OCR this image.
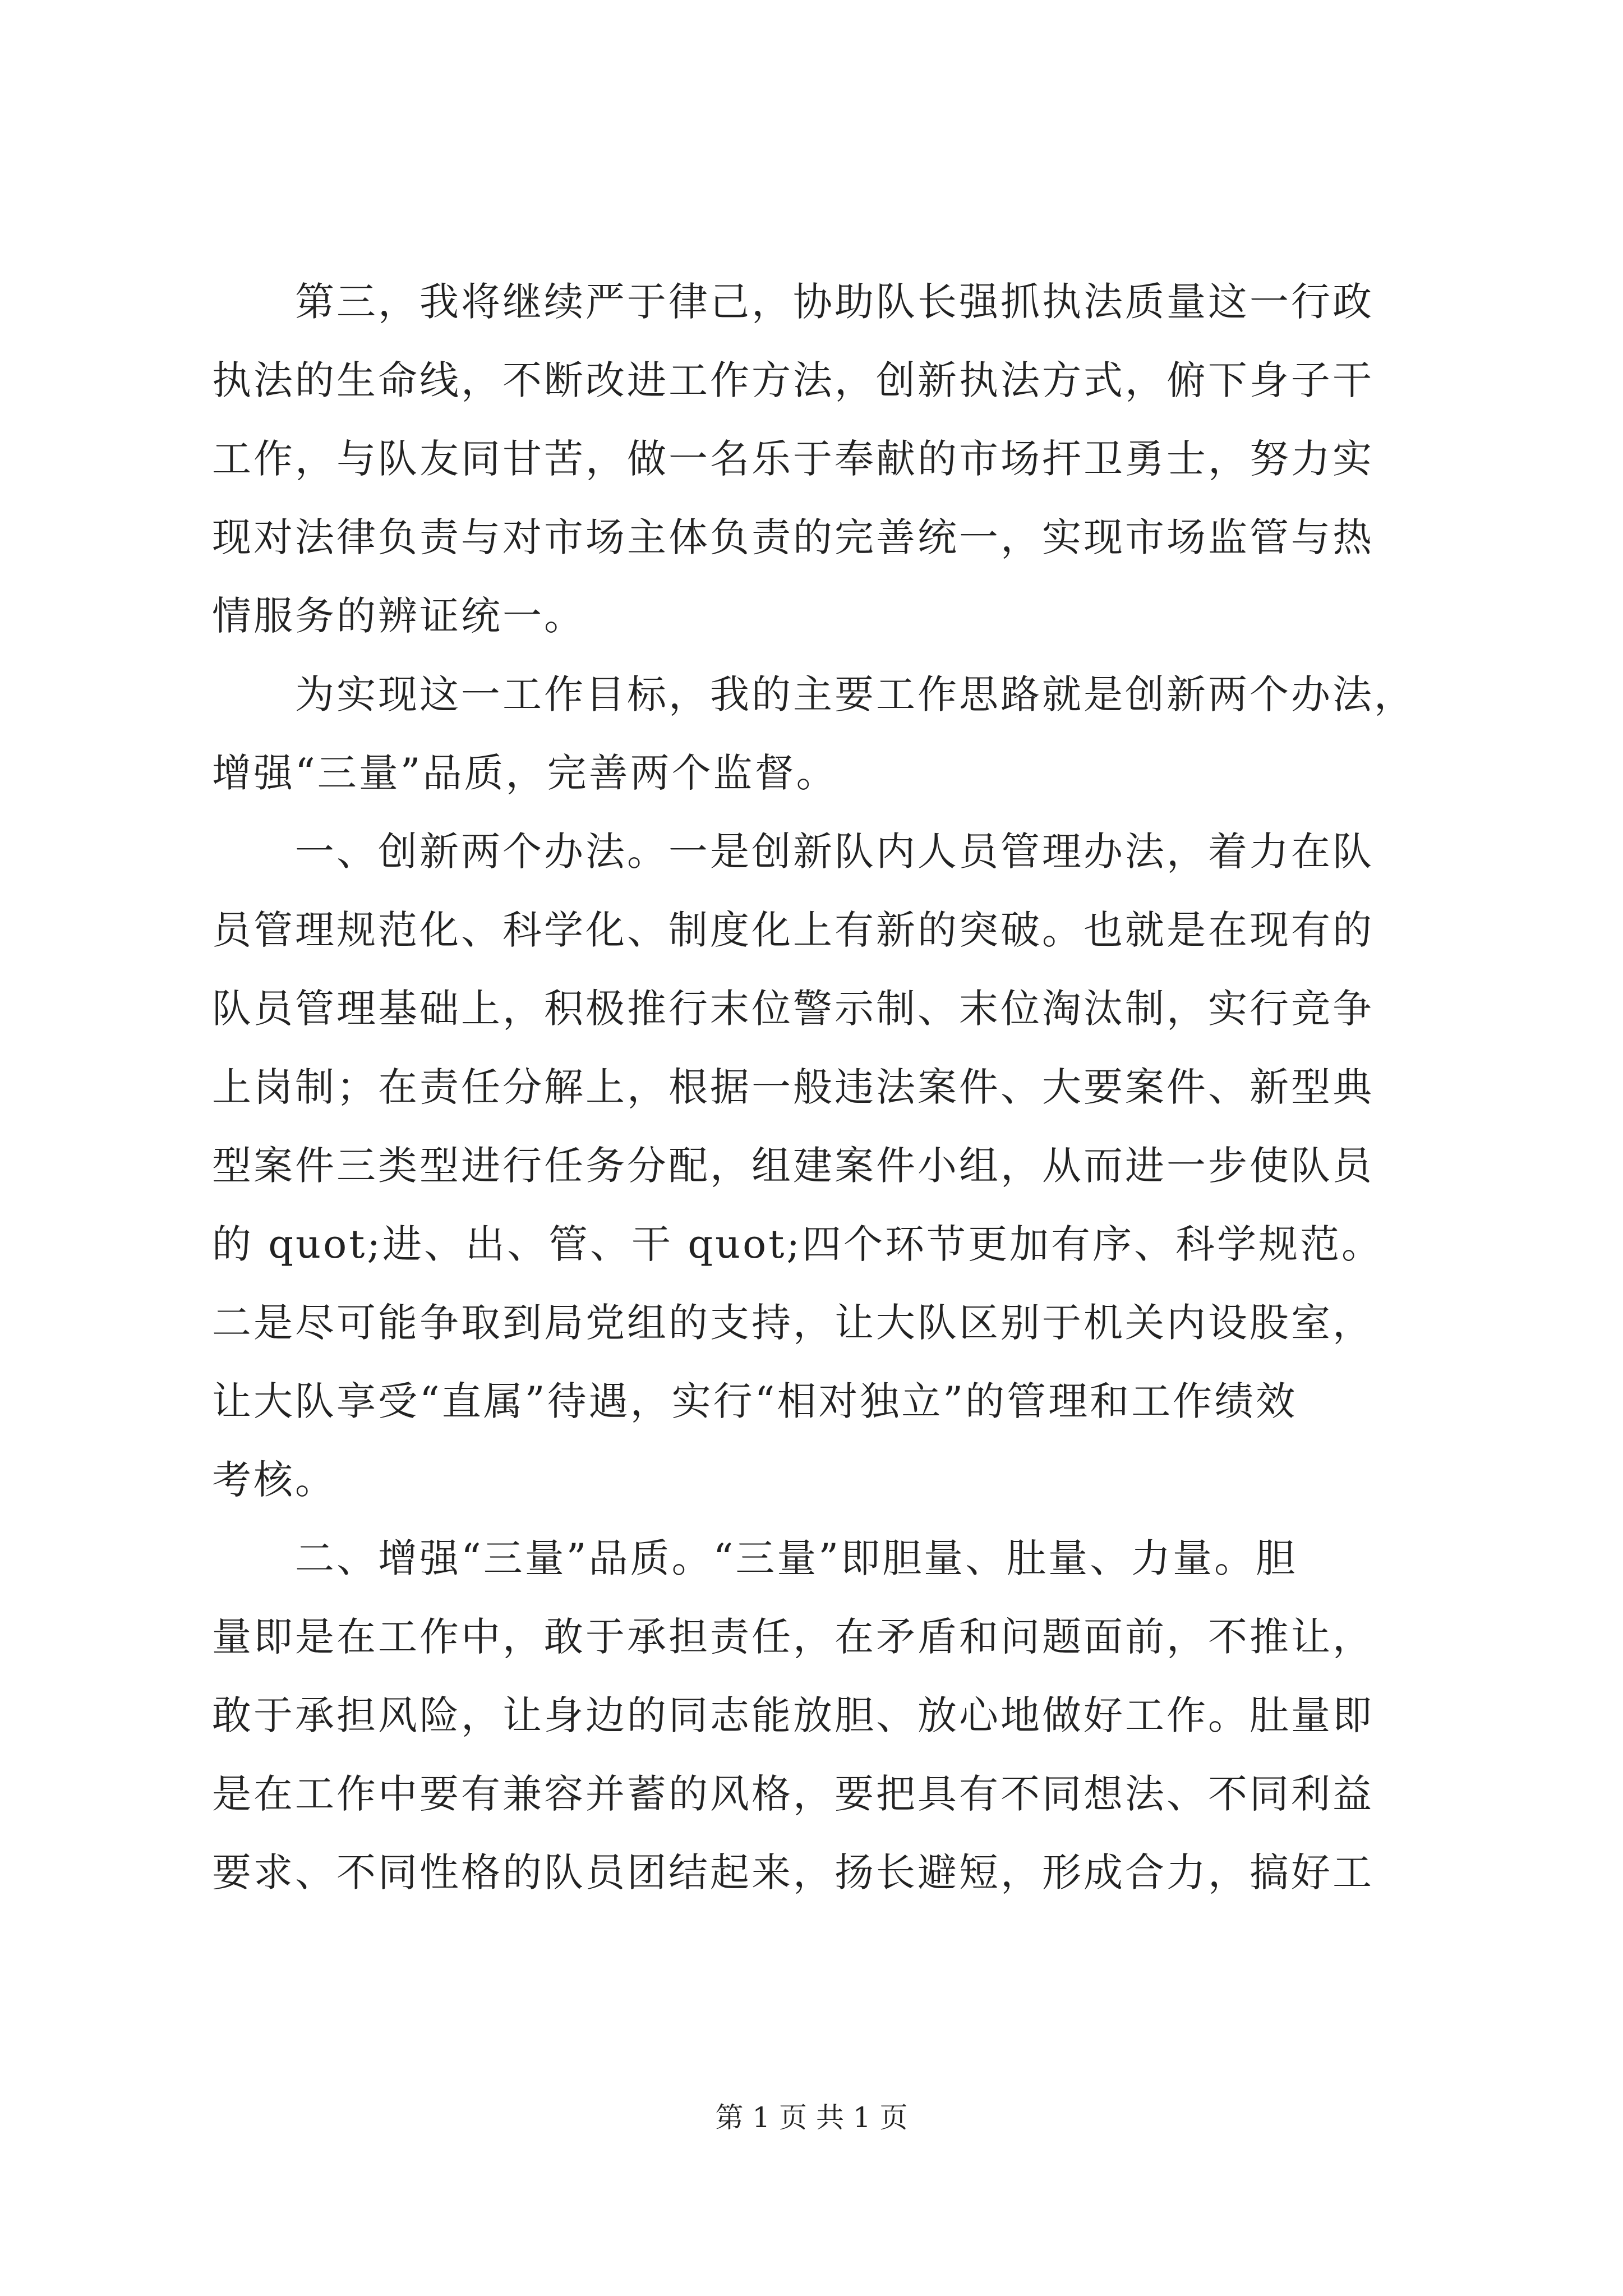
　　第三，我将继续严于律己，协助队长强抓执法质量这一行政
执法的生命线，不断改进工作方法，创新执法方式，俯下身子干
工作，与队友同甘苦，做一名乐于奉献的市场扞卫勇士，努力实
现对法律负责与对市场主体负责的完善统一，实现市场监管与热
情服务的辨证统一。
　　为实现这一工作目标，我的主要工作思路就是创新两个办法，
增强“三量”品质，完善两个监督。
　　一、创新两个办法。一是创新队内人员管理办法，着力在队
员管理规范化、科学化、制度化上有新的突破。也就是在现有的
队员管理基础上，积极推行末位警示制、末位淘汰制，实行竞争
上岗制；在责任分解上，根据一般违法案件、大要案件、新型典
型案件三类型进行任务分配，组建案件小组，从而进一步使队员
的 quot;进、出、管、干 quot;四个环节更加有序、科学规范。
二是尽可能争取到局党组的支持，让大队区别于机关内设股室，
让大队享受“直属”待遇，实行“相对独立”的管理和工作绩效
考核。
　　二、增强“三量”品质。“三量”即胆量、肚量、力量。胆
量即是在工作中，敢于承担责任，在矛盾和问题面前，不推让，
敢于承担风险，让身边的同志能放胆、放心地做好工作。肚量即
是在工作中要有兼容并蓄的风格，要把具有不同想法、不同利益
要求、不同性格的队员团结起来，扬长避短，形成合力，搞好工
第 1 页 共 1 页
